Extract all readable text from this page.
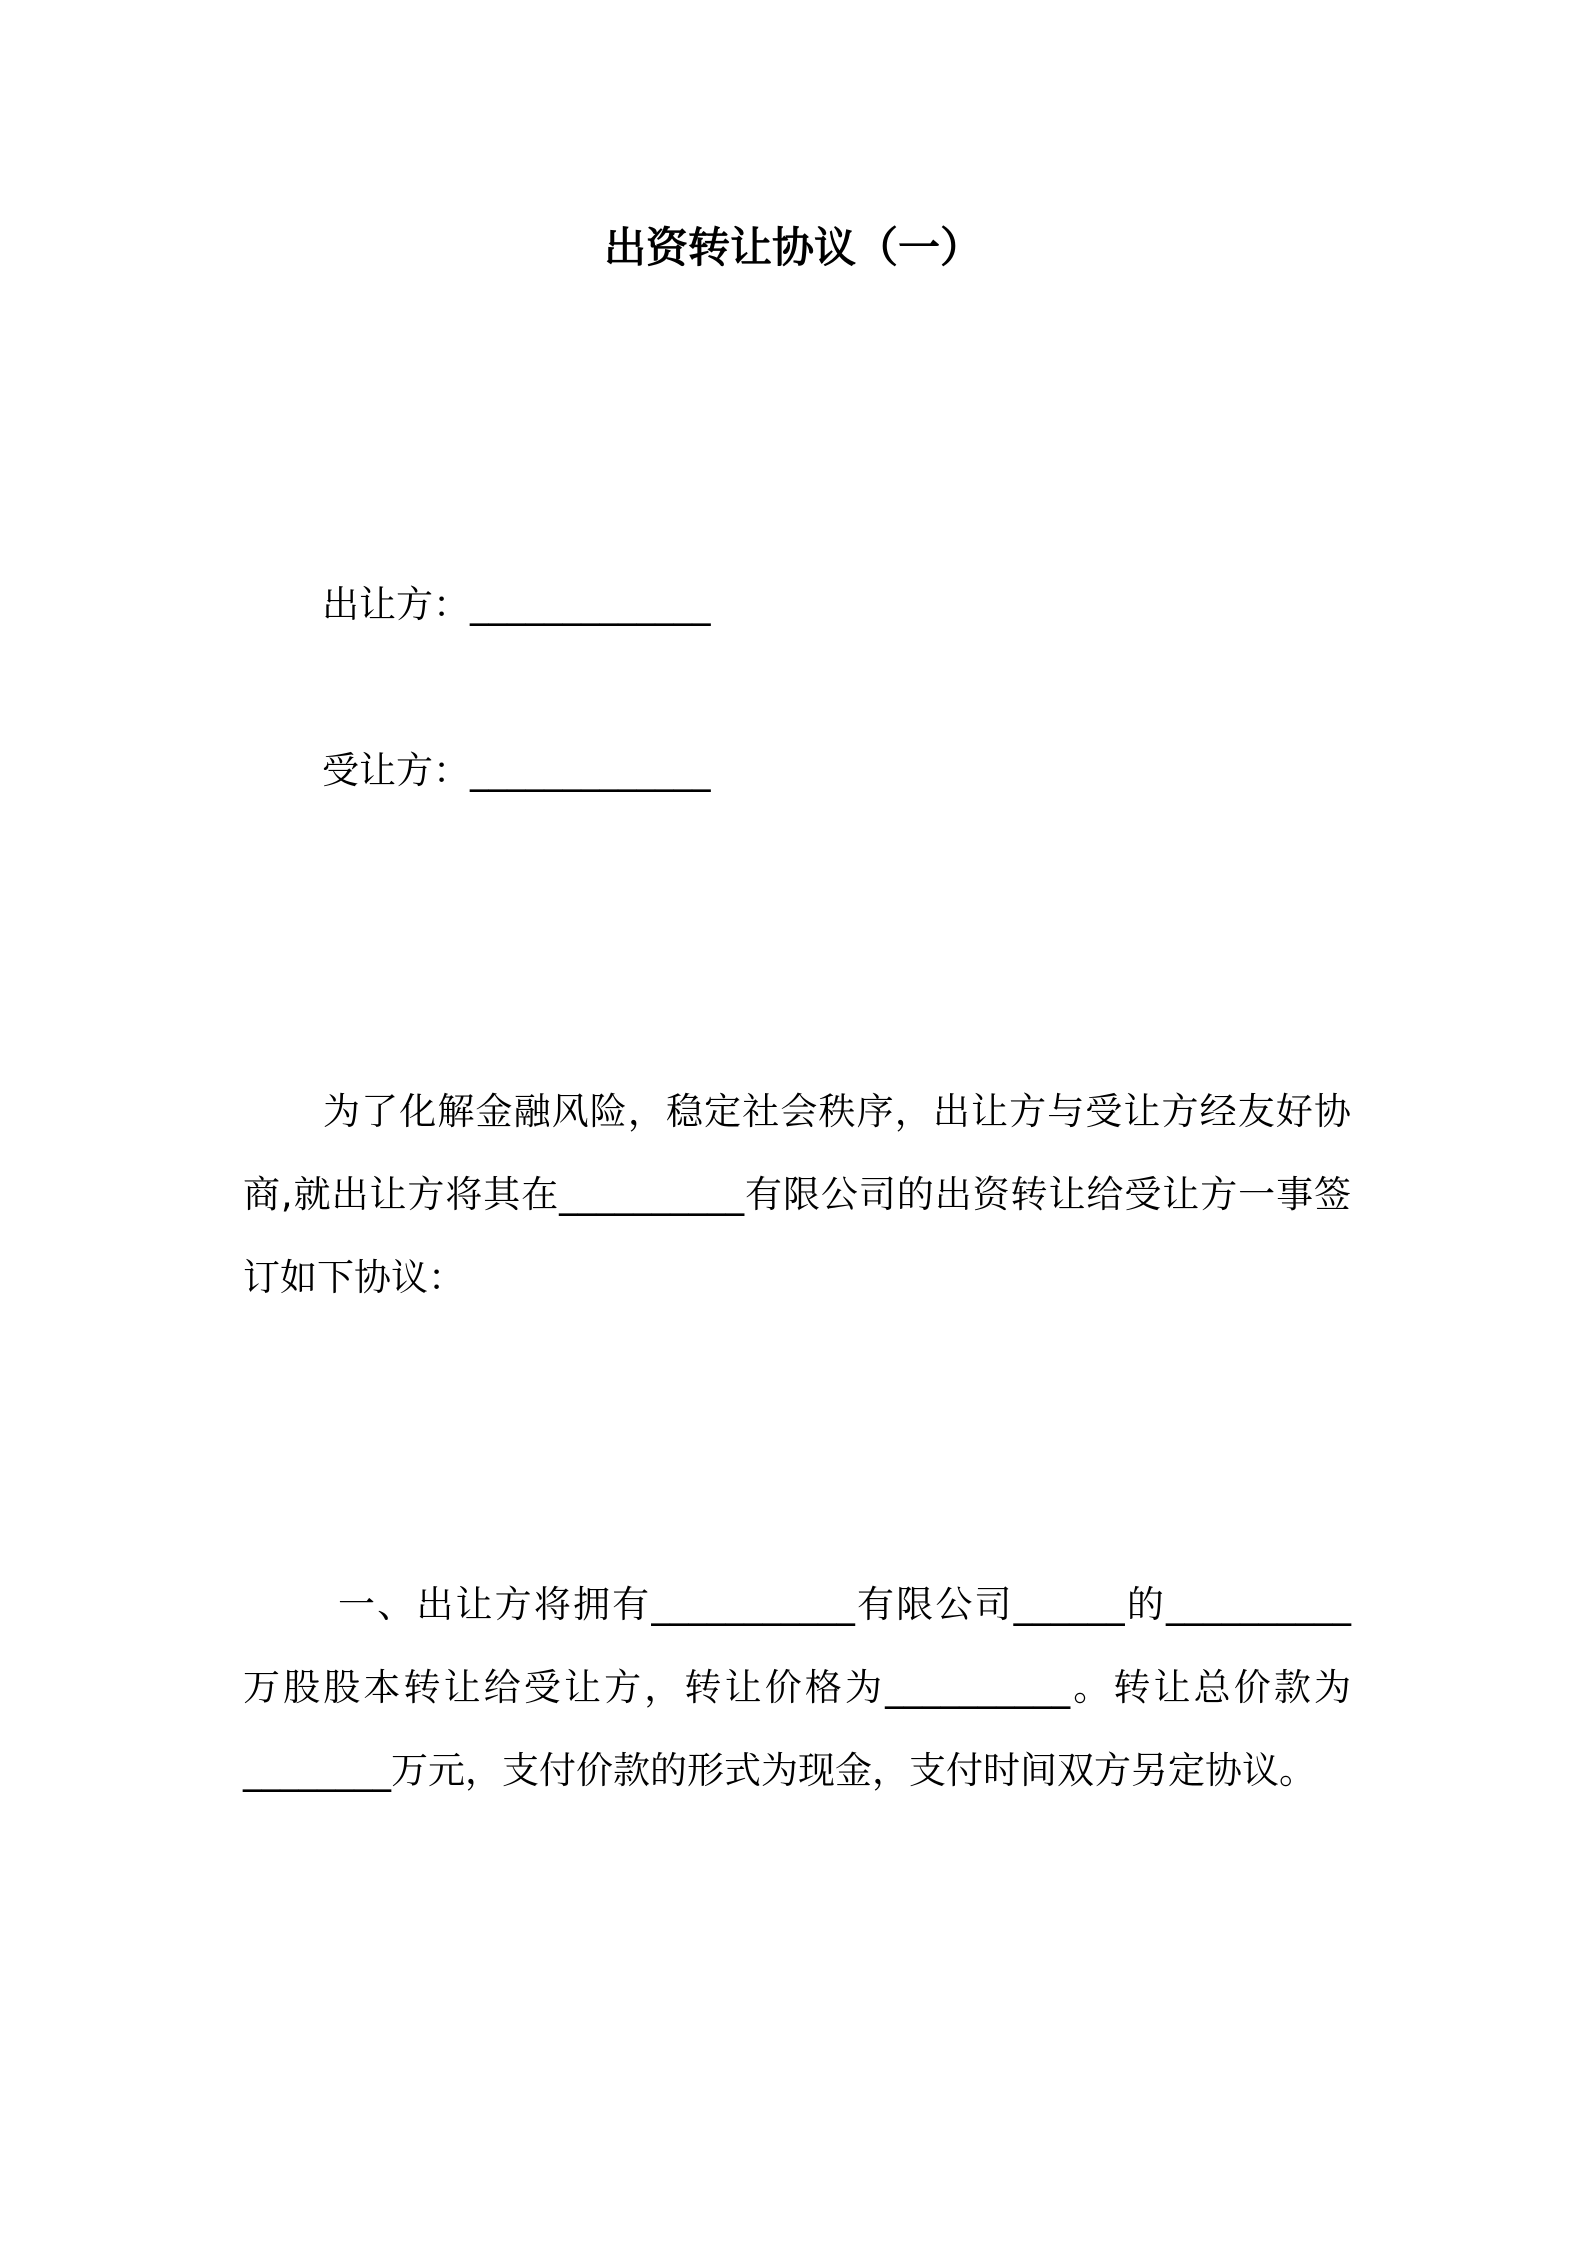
出资转让协议（一）
出让方：_____________
受让方：_____________

为了化解金融风险，稳定社会秩序，出让方与受让方经友好协商,就出让方将其在__________有限公司的出资转让给受让方一事签订如下协议：

一、出让方将拥有___________有限公司______的__________万股股本转让给受让方，转让价格为__________。转让总价款为________万元，支付价款的形式为现金，支付时间双方另定协议。
